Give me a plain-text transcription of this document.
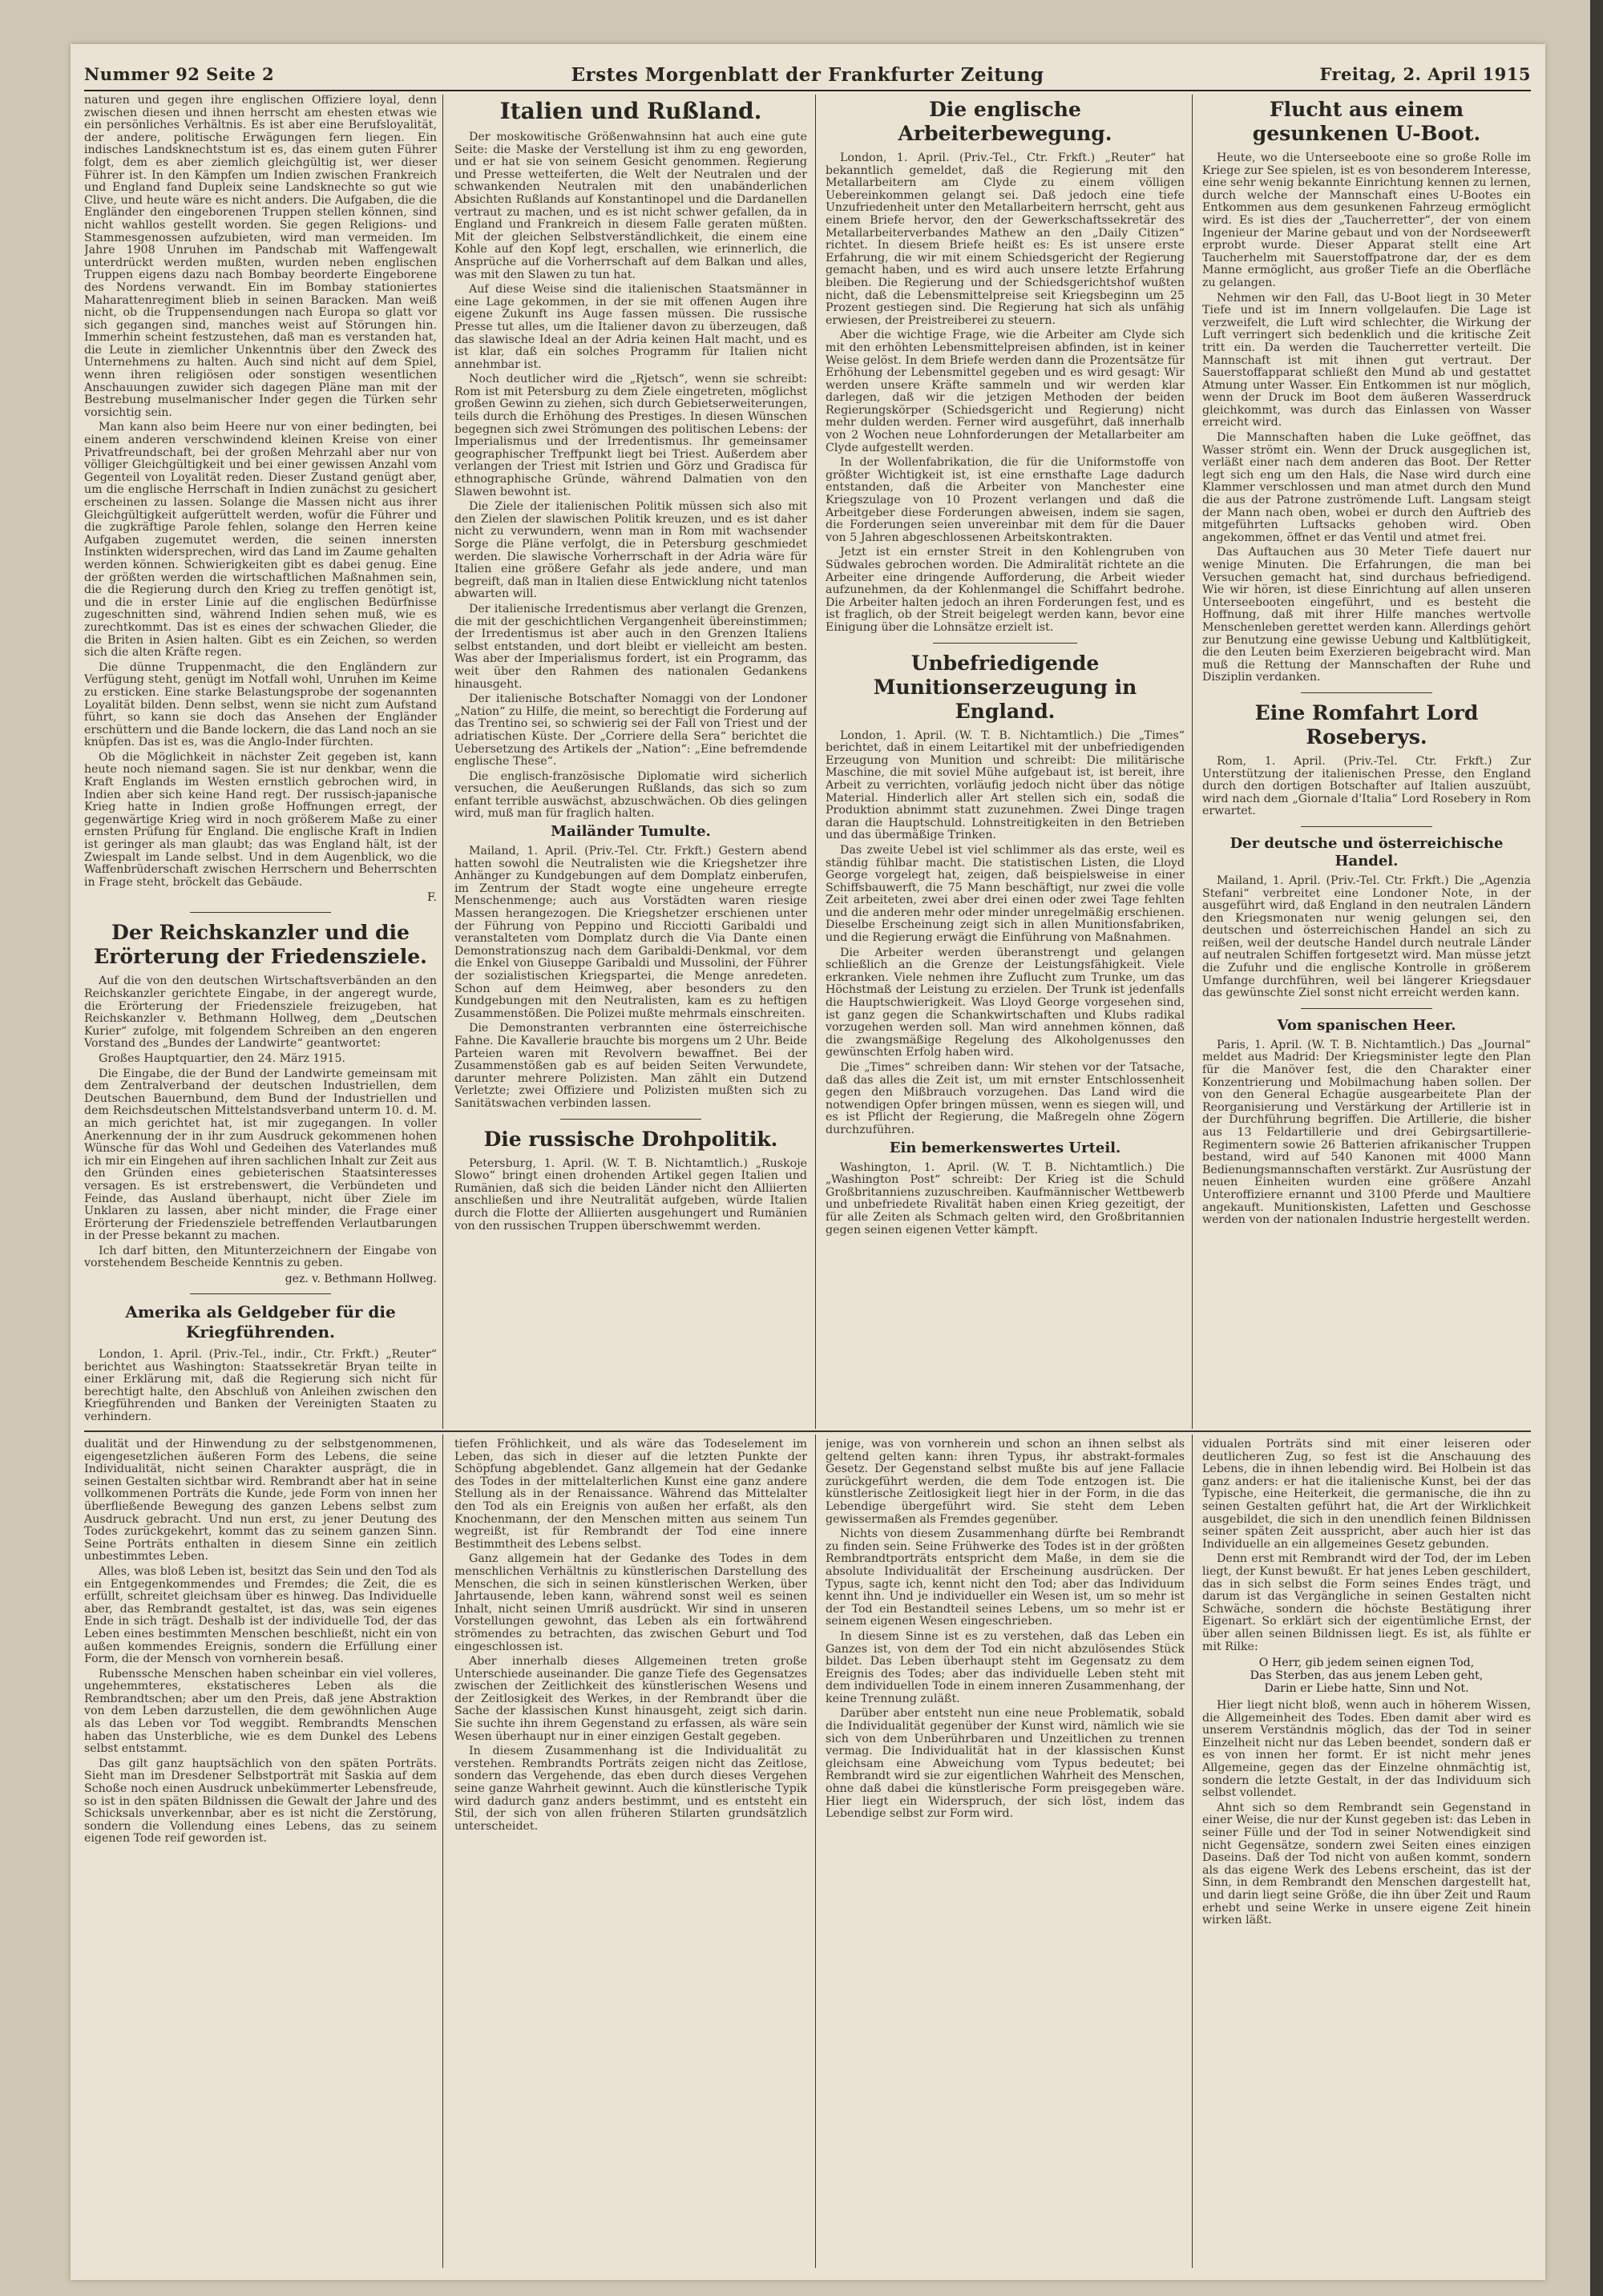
Nummer 92 Seite 2	Erstes Morgenblatt der Frankfurter Zeitung	Freitag, 2. April 1915

naturen und gegen ihre englischen Offiziere loyal, denn zwischen diesen und ihnen herrscht am ehesten etwas wie ein persönliches Verhältnis. Es ist aber eine Berufsloyalität, der andere, politische Erwägungen fern liegen. Ein indisches Landsknechtstum ist es, das einem guten Führer folgt, dem es aber ziemlich gleichgültig ist, wer dieser Führer ist. In den Kämpfen um Indien zwischen Frankreich und England fand Dupleix seine Landsknechte so gut wie Clive, und heute wäre es nicht anders. Die Aufgaben, die die Engländer den eingeborenen Truppen stellen können, sind nicht wahllos gestellt worden. Sie gegen Religions- und Stammesgenossen aufzubieten, wird man vermeiden. Im Jahre 1908 Unruhen im Pandschab mit Waffengewalt unterdrückt werden mußten, wurden neben englischen Truppen eigens dazu nach Bombay beorderte Eingeborene des Nordens verwandt. Ein im Bombay stationiertes Maharattenregiment blieb in seinen Baracken. Man weiß nicht, ob die Truppensendungen nach Europa so glatt vor sich gegangen sind, manches weist auf Störungen hin. Immerhin scheint festzustehen, daß man es verstanden hat, die Leute in ziemlicher Unkenntnis über den Zweck des Unternehmens zu halten. Auch sind nicht auf dem Spiel, wenn ihren religiösen oder sonstigen wesentlichen Anschauungen zuwider sich dagegen Pläne man mit der Bestrebung muselmanischer Inder gegen die Türken sehr vorsichtig sein.

Man kann also beim Heere nur von einer bedingten, bei einem anderen verschwindend kleinen Kreise von einer Privatfreundschaft, bei der großen Mehrzahl aber nur von völliger Gleichgültigkeit und bei einer gewissen Anzahl vom Gegenteil von Loyalität reden. Dieser Zustand genügt aber, um die englische Herrschaft in Indien zunächst zu gesichert erscheinen zu lassen. Solange die Massen nicht aus ihrer Gleichgültigkeit aufgerüttelt werden, wofür die Führer und die zugkräftige Parole fehlen, solange den Herren keine Aufgaben zugemutet werden, die seinen innersten Instinkten widersprechen, wird das Land im Zaume gehalten werden können. Schwierigkeiten gibt es dabei genug. Eine der größten werden die wirtschaftlichen Maßnahmen sein, die die Regierung durch den Krieg zu treffen genötigt ist, und die in erster Linie auf die englischen Bedürfnisse zugeschnitten sind, während Indien sehen muß, wie es zurechtkommt. Das ist es eines der schwachen Glieder, die die Briten in Asien halten. Gibt es ein Zeichen, so werden sich die alten Kräfte regen.

Die dünne Truppenmacht, die den Engländern zur Verfügung steht, genügt im Notfall wohl, Unruhen im Keime zu ersticken. Eine starke Belastungsprobe der sogenannten Loyalität bilden. Denn selbst, wenn sie nicht zum Aufstand führt, so kann sie doch das Ansehen der Engländer erschüttern und die Bande lockern, die das Land noch an sie knüpfen. Das ist es, was die Anglo-Inder fürchten.

Ob die Möglichkeit in nächster Zeit gegeben ist, kann heute noch niemand sagen. Sie ist nur denkbar, wenn die Kraft Englands im Westen ernstlich gebrochen wird, in Indien aber sich keine Hand regt. Der russisch-japanische Krieg hatte in Indien große Hoffnungen erregt, der gegenwärtige Krieg wird in noch größerem Maße zu einer ernsten Prüfung für England. Die englische Kraft in Indien ist geringer als man glaubt; das was England hält, ist der Zwiespalt im Lande selbst. Und in dem Augenblick, wo die Waffenbrüderschaft zwischen Herrschern und Beherrschten in Frage steht, bröckelt das Gebäude.

F.
Der Reichskanzler und die Erörterung der Friedensziele.

Auf die von den deutschen Wirtschaftsverbänden an den Reichskanzler gerichtete Eingabe, in der angeregt wurde, die Erörterung der Friedensziele freizugeben, hat Reichskanzler v. Bethmann Hollweg, dem „Deutschen Kurier“ zufolge, mit folgendem Schreiben an den engeren Vorstand des „Bundes der Landwirte“ geantwortet:

Großes Hauptquartier, den 24. März 1915.

Die Eingabe, die der Bund der Landwirte gemeinsam mit dem Zentralverband der deutschen Industriellen, dem Deutschen Bauernbund, dem Bund der Industriellen und dem Reichsdeutschen Mittelstandsverband unterm 10. d. M. an mich gerichtet hat, ist mir zugegangen. In voller Anerkennung der in ihr zum Ausdruck gekommenen hohen Wünsche für das Wohl und Gedeihen des Vaterlandes muß ich mir ein Eingehen auf ihren sachlichen Inhalt zur Zeit aus den Gründen eines gebieterischen Staatsinteresses versagen. Es ist erstrebenswert, die Verbündeten und Feinde, das Ausland überhaupt, nicht über Ziele im Unklaren zu lassen, aber nicht minder, die Frage einer Erörterung der Friedensziele betreffenden Verlautbarungen in der Presse bekannt zu machen.

Ich darf bitten, den Mitunterzeichnern der Eingabe von vorstehendem Bescheide Kenntnis zu geben.

gez. v. Bethmann Hollweg.
Amerika als Geldgeber für die Kriegführenden.

London, 1. April. (Priv.-Tel., indir., Ctr. Frkft.) „Reuter“ berichtet aus Washington: Staatssekretär Bryan teilte in einer Erklärung mit, daß die Regierung sich nicht für berechtigt halte, den Abschluß von Anleihen zwischen den Kriegführenden und Banken der Vereinigten Staaten zu verhindern.

Italien und Rußland.

Der moskowitische Größenwahnsinn hat auch eine gute Seite: die Maske der Verstellung ist ihm zu eng geworden, und er hat sie von seinem Gesicht genommen. Regierung und Presse wetteiferten, die Welt der Neutralen und der schwankenden Neutralen mit den unabänderlichen Absichten Rußlands auf Konstantinopel und die Dardanellen vertraut zu machen, und es ist nicht schwer gefallen, da in England und Frankreich in diesem Falle geraten müßten. Mit der gleichen Selbstverständlichkeit, die einem eine Kohle auf den Kopf legt, erschallen, wie erinnerlich, die Ansprüche auf die Vorherrschaft auf dem Balkan und alles, was mit den Slawen zu tun hat.

Auf diese Weise sind die italienischen Staatsmänner in eine Lage gekommen, in der sie mit offenen Augen ihre eigene Zukunft ins Auge fassen müssen. Die russische Presse tut alles, um die Italiener davon zu überzeugen, daß das slawische Ideal an der Adria keinen Halt macht, und es ist klar, daß ein solches Programm für Italien nicht annehmbar ist.

Noch deutlicher wird die „Rjetsch“, wenn sie schreibt: Rom ist mit Petersburg zu dem Ziele eingetreten, möglichst großen Gewinn zu ziehen, sich durch Gebietserweiterungen, teils durch die Erhöhung des Prestiges. In diesen Wünschen begegnen sich zwei Strömungen des politischen Lebens: der Imperialismus und der Irredentismus. Ihr gemeinsamer geographischer Treffpunkt liegt bei Triest. Außerdem aber verlangen der Triest mit Istrien und Görz und Gradisca für ethnographische Gründe, während Dalmatien von den Slawen bewohnt ist.

Die Ziele der italienischen Politik müssen sich also mit den Zielen der slawischen Politik kreuzen, und es ist daher nicht zu verwundern, wenn man in Rom mit wachsender Sorge die Pläne verfolgt, die in Petersburg geschmiedet werden. Die slawische Vorherrschaft in der Adria wäre für Italien eine größere Gefahr als jede andere, und man begreift, daß man in Italien diese Entwicklung nicht tatenlos abwarten will.

Der italienische Irredentismus aber verlangt die Grenzen, die mit der geschichtlichen Vergangenheit übereinstimmen; der Irredentismus ist aber auch in den Grenzen Italiens selbst entstanden, und dort bleibt er vielleicht am besten. Was aber der Imperialismus fordert, ist ein Programm, das weit über den Rahmen des nationalen Gedankens hinausgeht.

Der italienische Botschafter Nomaggi von der Londoner „Nation“ zu Hilfe, die meint, so berechtigt die Forderung auf das Trentino sei, so schwierig sei der Fall von Triest und der adriatischen Küste. Der „Corriere della Sera“ berichtet die Uebersetzung des Artikels der „Nation“: „Eine befremdende englische These“.

Die englisch-französische Diplomatie wird sicherlich versuchen, die Aeußerungen Rußlands, das sich so zum enfant terrible auswächst, abzuschwächen. Ob dies gelingen wird, muß man für fraglich halten.

Mailänder Tumulte.

Mailand, 1. April. (Priv.-Tel. Ctr. Frkft.) Gestern abend hatten sowohl die Neutralisten wie die Kriegshetzer ihre Anhänger zu Kundgebungen auf dem Domplatz einberufen, im Zentrum der Stadt wogte eine ungeheure erregte Menschenmenge; auch aus Vorstädten waren riesige Massen herangezogen. Die Kriegshetzer erschienen unter der Führung von Peppino und Ricciotti Garibaldi und veranstalteten vom Domplatz durch die Via Dante einen Demonstrationszug nach dem Garibaldi-Denkmal, vor dem die Enkel von Giuseppe Garibaldi und Mussolini, der Führer der sozialistischen Kriegspartei, die Menge anredeten. Schon auf dem Heimweg, aber besonders zu den Kundgebungen mit den Neutralisten, kam es zu heftigen Zusammenstößen. Die Polizei mußte mehrmals einschreiten.

Die Demonstranten verbrannten eine österreichische Fahne. Die Kavallerie brauchte bis morgens um 2 Uhr. Beide Parteien waren mit Revolvern bewaffnet. Bei der Zusammenstößen gab es auf beiden Seiten Verwundete, darunter mehrere Polizisten. Man zählt ein Dutzend Verletzte; zwei Offiziere und Polizisten mußten sich zu Sanitätswachen verbinden lassen.

Die russische Drohpolitik.

Petersburg, 1. April. (W. T. B. Nichtamtlich.) „Ruskoje Slowo“ bringt einen drohenden Artikel gegen Italien und Rumänien, daß sich die beiden Länder nicht den Alliierten anschließen und ihre Neutralität aufgeben, würde Italien durch die Flotte der Alliierten ausgehungert und Rumänien von den russischen Truppen überschwemmt werden.

Die englische Arbeiterbewegung.

London, 1. April. (Priv.-Tel., Ctr. Frkft.) „Reuter“ hat bekanntlich gemeldet, daß die Regierung mit den Metallarbeitern am Clyde zu einem völligen Uebereinkommen gelangt sei. Daß jedoch eine tiefe Unzufriedenheit unter den Metallarbeitern herrscht, geht aus einem Briefe hervor, den der Gewerkschaftssekretär des Metallarbeiterverbandes Mathew an den „Daily Citizen“ richtet. In diesem Briefe heißt es: Es ist unsere erste Erfahrung, die wir mit einem Schiedsgericht der Regierung gemacht haben, und es wird auch unsere letzte Erfahrung bleiben. Die Regierung und der Schiedsgerichtshof wußten nicht, daß die Lebensmittelpreise seit Kriegsbeginn um 25 Prozent gestiegen sind. Die Regierung hat sich als unfähig erwiesen, der Preistreiberei zu steuern.

Aber die wichtige Frage, wie die Arbeiter am Clyde sich mit den erhöhten Lebensmittelpreisen abfinden, ist in keiner Weise gelöst. In dem Briefe werden dann die Prozentsätze für Erhöhung der Lebensmittel gegeben und es wird gesagt: Wir werden unsere Kräfte sammeln und wir werden klar darlegen, daß wir die jetzigen Methoden der beiden Regierungskörper (Schiedsgericht und Regierung) nicht mehr dulden werden. Ferner wird ausgeführt, daß innerhalb von 2 Wochen neue Lohnforderungen der Metallarbeiter am Clyde aufgestellt werden.

In der Wollenfabrikation, die für die Uniformstoffe von größter Wichtigkeit ist, ist eine ernsthafte Lage dadurch entstanden, daß die Arbeiter von Manchester eine Kriegszulage von 10 Prozent verlangen und daß die Arbeitgeber diese Forderungen abweisen, indem sie sagen, die Forderungen seien unvereinbar mit dem für die Dauer von 5 Jahren abgeschlossenen Arbeitskontrakten.

Jetzt ist ein ernster Streit in den Kohlengruben von Südwales gebrochen worden. Die Admiralität richtete an die Arbeiter eine dringende Aufforderung, die Arbeit wieder aufzunehmen, da der Kohlenmangel die Schiffahrt bedrohe. Die Arbeiter halten jedoch an ihren Forderungen fest, und es ist fraglich, ob der Streit beigelegt werden kann, bevor eine Einigung über die Lohnsätze erzielt ist.

Unbefriedigende Munitionserzeugung in England.

London, 1. April. (W. T. B. Nichtamtlich.) Die „Times“ berichtet, daß in einem Leitartikel mit der unbefriedigenden Erzeugung von Munition und schreibt: Die militärische Maschine, die mit soviel Mühe aufgebaut ist, ist bereit, ihre Arbeit zu verrichten, vorläufig jedoch nicht über das nötige Material. Hinderlich aller Art stellen sich ein, sodaß die Produktion abnimmt statt zuzunehmen. Zwei Dinge tragen daran die Hauptschuld. Lohnstreitigkeiten in den Betrieben und das übermäßige Trinken.

Das zweite Uebel ist viel schlimmer als das erste, weil es ständig fühlbar macht. Die statistischen Listen, die Lloyd George vorgelegt hat, zeigen, daß beispielsweise in einer Schiffsbauwerft, die 75 Mann beschäftigt, nur zwei die volle Zeit arbeiteten, zwei aber drei einen oder zwei Tage fehlten und die anderen mehr oder minder unregelmäßig erschienen. Dieselbe Erscheinung zeigt sich in allen Munitionsfabriken, und die Regierung erwägt die Einführung von Maßnahmen.

Die Arbeiter werden überanstrengt und gelangen schließlich an die Grenze der Leistungsfähigkeit. Viele erkranken. Viele nehmen ihre Zuflucht zum Trunke, um das Höchstmaß der Leistung zu erzielen. Der Trunk ist jedenfalls die Hauptschwierigkeit. Was Lloyd George vorgesehen sind, ist ganz gegen die Schankwirtschaften und Klubs radikal vorzugehen werden soll. Man wird annehmen können, daß die zwangsmäßige Regelung des Alkoholgenusses den gewünschten Erfolg haben wird.

Die „Times“ schreiben dann: Wir stehen vor der Tatsache, daß das alles die Zeit ist, um mit ernster Entschlossenheit gegen den Mißbrauch vorzugehen. Das Land wird die notwendigen Opfer bringen müssen, wenn es siegen will, und es ist Pflicht der Regierung, die Maßregeln ohne Zögern durchzuführen.

Ein bemerkenswertes Urteil.

Washington, 1. April. (W. T. B. Nichtamtlich.) Die „Washington Post“ schreibt: Der Krieg ist die Schuld Großbritanniens zuzuschreiben. Kaufmännischer Wettbewerb und unbefriedete Rivalität haben einen Krieg gezeitigt, der für alle Zeiten als Schmach gelten wird, den Großbritannien gegen seinen eigenen Vetter kämpft.

Flucht aus einem gesunkenen U-Boot.

Heute, wo die Unterseeboote eine so große Rolle im Kriege zur See spielen, ist es von besonderem Interesse, eine sehr wenig bekannte Einrichtung kennen zu lernen, durch welche der Mannschaft eines U-Bootes ein Entkommen aus dem gesunkenen Fahrzeug ermöglicht wird. Es ist dies der „Taucherretter“, der von einem Ingenieur der Marine gebaut und von der Nordseewerft erprobt wurde. Dieser Apparat stellt eine Art Taucherhelm mit Sauerstoffpatrone dar, der es dem Manne ermöglicht, aus großer Tiefe an die Oberfläche zu gelangen.

Nehmen wir den Fall, das U-Boot liegt in 30 Meter Tiefe und ist im Innern vollgelaufen. Die Lage ist verzweifelt, die Luft wird schlechter, die Wirkung der Luft verringert sich bedenklich und die kritische Zeit tritt ein. Da werden die Taucherretter verteilt. Die Mannschaft ist mit ihnen gut vertraut. Der Sauerstoffapparat schließt den Mund ab und gestattet Atmung unter Wasser. Ein Entkommen ist nur möglich, wenn der Druck im Boot dem äußeren Wasserdruck gleichkommt, was durch das Einlassen von Wasser erreicht wird.

Die Mannschaften haben die Luke geöffnet, das Wasser strömt ein. Wenn der Druck ausgeglichen ist, verläßt einer nach dem anderen das Boot. Der Retter legt sich eng um den Hals, die Nase wird durch eine Klammer verschlossen und man atmet durch den Mund die aus der Patrone zuströmende Luft. Langsam steigt der Mann nach oben, wobei er durch den Auftrieb des mitgeführten Luftsacks gehoben wird. Oben angekommen, öffnet er das Ventil und atmet frei.

Das Auftauchen aus 30 Meter Tiefe dauert nur wenige Minuten. Die Erfahrungen, die man bei Versuchen gemacht hat, sind durchaus befriedigend. Wie wir hören, ist diese Einrichtung auf allen unseren Unterseebooten eingeführt, und es besteht die Hoffnung, daß mit ihrer Hilfe manches wertvolle Menschenleben gerettet werden kann. Allerdings gehört zur Benutzung eine gewisse Uebung und Kaltblütigkeit, die den Leuten beim Exerzieren beigebracht wird. Man muß die Rettung der Mannschaften der Ruhe und Disziplin verdanken.

Eine Romfahrt Lord Roseberys.

Rom, 1. April. (Priv.-Tel. Ctr. Frkft.) Zur Unterstützung der italienischen Presse, den England durch den dortigen Botschafter auf Italien auszuübt, wird nach dem „Giornale d'Italia“ Lord Rosebery in Rom erwartet.

Der deutsche und österreichische Handel.

Mailand, 1. April. (Priv.-Tel. Ctr. Frkft.) Die „Agenzia Stefani“ verbreitet eine Londoner Note, in der ausgeführt wird, daß England in den neutralen Ländern den Kriegsmonaten nur wenig gelungen sei, den deutschen und österreichischen Handel an sich zu reißen, weil der deutsche Handel durch neutrale Länder auf neutralen Schiffen fortgesetzt wird. Man müsse jetzt die Zufuhr und die englische Kontrolle in größerem Umfange durchführen, weil bei längerer Kriegsdauer das gewünschte Ziel sonst nicht erreicht werden kann.

Vom spanischen Heer.

Paris, 1. April. (W. T. B. Nichtamtlich.) Das „Journal“ meldet aus Madrid: Der Kriegsminister legte den Plan für die Manöver fest, die den Charakter einer Konzentrierung und Mobilmachung haben sollen. Der von den General Echagüe ausgearbeitete Plan der Reorganisierung und Verstärkung der Artillerie ist in der Durchführung begriffen. Die Artillerie, die bisher aus 13 Feldartillerie und drei Gebirgsartillerie-Regimentern sowie 26 Batterien afrikanischer Truppen bestand, wird auf 540 Kanonen mit 4000 Mann Bedienungsmannschaften verstärkt. Zur Ausrüstung der neuen Einheiten wurden eine größere Anzahl Unteroffiziere ernannt und 3100 Pferde und Maultiere angekauft. Munitionskisten, Lafetten und Geschosse werden von der nationalen Industrie hergestellt werden.

dualität und der Hinwendung zu der selbstgenommenen, eigengesetzlichen äußeren Form des Lebens, die seine Individualität, nicht seinen Charakter ausprägt, die in seinen Gestalten sichtbar wird. Rembrandt aber hat in seine vollkommenen Porträts die Kunde, jede Form von innen her überfließende Bewegung des ganzen Lebens selbst zum Ausdruck gebracht. Und nun erst, zu jener Deutung des Todes zurückgekehrt, kommt das zu seinem ganzen Sinn. Seine Porträts enthalten in diesem Sinne ein zeitlich unbestimmtes Leben.

Alles, was bloß Leben ist, besitzt das Sein und den Tod als ein Entgegenkommendes und Fremdes; die Zeit, die es erfüllt, schreitet gleichsam über es hinweg. Das Individuelle aber, das Rembrandt gestaltet, ist das, was sein eigenes Ende in sich trägt. Deshalb ist der individuelle Tod, der das Leben eines bestimmten Menschen beschließt, nicht ein von außen kommendes Ereignis, sondern die Erfüllung einer Form, die der Mensch von vornherein besaß.

Rubenssche Menschen haben scheinbar ein viel volleres, ungehemmteres, ekstatischeres Leben als die Rembrandtschen; aber um den Preis, daß jene Abstraktion von dem Leben darzustellen, die dem gewöhnlichen Auge als das Leben vor Tod weggibt. Rembrandts Menschen haben das Unsterbliche, wie es dem Dunkel des Lebens selbst entstammt.

Das gilt ganz hauptsächlich von den späten Porträts. Sieht man im Dresdener Selbstporträt mit Saskia auf dem Schoße noch einen Ausdruck unbekümmerter Lebensfreude, so ist in den späten Bildnissen die Gewalt der Jahre und des Schicksals unverkennbar, aber es ist nicht die Zerstörung, sondern die Vollendung eines Lebens, das zu seinem eigenen Tode reif geworden ist.

tiefen Fröhlichkeit, und als wäre das Todeselement im Leben, das sich in dieser auf die letzten Punkte der Schöpfung abgeblendet. Ganz allgemein hat der Gedanke des Todes in der mittelalterlichen Kunst eine ganz andere Stellung als in der Renaissance. Während das Mittelalter den Tod als ein Ereignis von außen her erfaßt, als den Knochenmann, der den Menschen mitten aus seinem Tun wegreißt, ist für Rembrandt der Tod eine innere Bestimmtheit des Lebens selbst.

Ganz allgemein hat der Gedanke des Todes in dem menschlichen Verhältnis zu künstlerischen Darstellung des Menschen, die sich in seinen künstlerischen Werken, über Jahrtausende, leben kann, während sonst weil es seinen Inhalt, nicht seinen Umriß ausdrückt. Wir sind in unseren Vorstellungen gewohnt, das Leben als ein fortwährend strömendes zu betrachten, das zwischen Geburt und Tod eingeschlossen ist.

Aber innerhalb dieses Allgemeinen treten große Unterschiede auseinander. Die ganze Tiefe des Gegensatzes zwischen der Zeitlichkeit des künstlerischen Wesens und der Zeitlosigkeit des Werkes, in der Rembrandt über die Sache der klassischen Kunst hinausgeht, zeigt sich darin. Sie suchte ihn ihrem Gegenstand zu erfassen, als wäre sein Wesen überhaupt nur in einer einzigen Gestalt gegeben.

In diesem Zusammenhang ist die Individualität zu verstehen. Rembrandts Porträts zeigen nicht das Zeitlose, sondern das Vergehende, das eben durch dieses Vergehen seine ganze Wahrheit gewinnt. Auch die künstlerische Typik wird dadurch ganz anders bestimmt, und es entsteht ein Stil, der sich von allen früheren Stilarten grundsätzlich unterscheidet.

jenige, was von vornherein und schon an ihnen selbst als geltend gelten kann: ihren Typus, ihr abstrakt-formales Gesetz. Der Gegenstand selbst mußte bis auf jene Fallacie zurückgeführt werden, die dem Tode entzogen ist. Die künstlerische Zeitlosigkeit liegt hier in der Form, in die das Lebendige übergeführt wird. Sie steht dem Leben gewissermaßen als Fremdes gegenüber.

Nichts von diesem Zusammenhang dürfte bei Rembrandt zu finden sein. Seine Frühwerke des Todes ist in der größten Rembrandtporträts entspricht dem Maße, in dem sie die absolute Individualität der Erscheinung ausdrücken. Der Typus, sagte ich, kennt nicht den Tod; aber das Individuum kennt ihn. Und je individueller ein Wesen ist, um so mehr ist der Tod ein Bestandteil seines Lebens, um so mehr ist er seinem eigenen Wesen eingeschrieben.

In diesem Sinne ist es zu verstehen, daß das Leben ein Ganzes ist, von dem der Tod ein nicht abzulösendes Stück bildet. Das Leben überhaupt steht im Gegensatz zu dem Ereignis des Todes; aber das individuelle Leben steht mit dem individuellen Tode in einem inneren Zusammenhang, der keine Trennung zuläßt.

Darüber aber entsteht nun eine neue Problematik, sobald die Individualität gegenüber der Kunst wird, nämlich wie sie sich von dem Unberührbaren und Unzeitlichen zu trennen vermag. Die Individualität hat in der klassischen Kunst gleichsam eine Abweichung vom Typus bedeutet; bei Rembrandt wird sie zur eigentlichen Wahrheit des Menschen, ohne daß dabei die künstlerische Form preisgegeben wäre. Hier liegt ein Widerspruch, der sich löst, indem das Lebendige selbst zur Form wird.

vidualen Porträts sind mit einer leiseren oder deutlicheren Zug, so fest ist die Anschauung des Lebens, die in ihnen lebendig wird. Bei Holbein ist das ganz anders: er hat die italienische Kunst, bei der das Typische, eine Heiterkeit, die germanische, die ihn zu seinen Gestalten geführt hat, die Art der Wirklichkeit ausgebildet, die sich in den unendlich feinen Bildnissen seiner späten Zeit ausspricht, aber auch hier ist das Individuelle an ein allgemeines Gesetz gebunden.

Denn erst mit Rembrandt wird der Tod, der im Leben liegt, der Kunst bewußt. Er hat jenes Leben geschildert, das in sich selbst die Form seines Endes trägt, und darum ist das Vergängliche in seinen Gestalten nicht Schwäche, sondern die höchste Bestätigung ihrer Eigenart. So erklärt sich der eigentümliche Ernst, der über allen seinen Bildnissen liegt. Es ist, als fühlte er mit Rilke:

O Herr, gib jedem seinen eignen Tod,
Das Sterben, das aus jenem Leben geht,
Darin er Liebe hatte, Sinn und Not.

Hier liegt nicht bloß, wenn auch in höherem Wissen, die Allgemeinheit des Todes. Eben damit aber wird es unserem Verständnis möglich, das der Tod in seiner Einzelheit nicht nur das Leben beendet, sondern daß er es von innen her formt. Er ist nicht mehr jenes Allgemeine, gegen das der Einzelne ohnmächtig ist, sondern die letzte Gestalt, in der das Individuum sich selbst vollendet.

Ahnt sich so dem Rembrandt sein Gegenstand in einer Weise, die nur der Kunst gegeben ist: das Leben in seiner Fülle und der Tod in seiner Notwendigkeit sind nicht Gegensätze, sondern zwei Seiten eines einzigen Daseins. Daß der Tod nicht von außen kommt, sondern als das eigene Werk des Lebens erscheint, das ist der Sinn, in dem Rembrandt den Menschen dargestellt hat, und darin liegt seine Größe, die ihn über Zeit und Raum erhebt und seine Werke in unsere eigene Zeit hinein wirken läßt.
